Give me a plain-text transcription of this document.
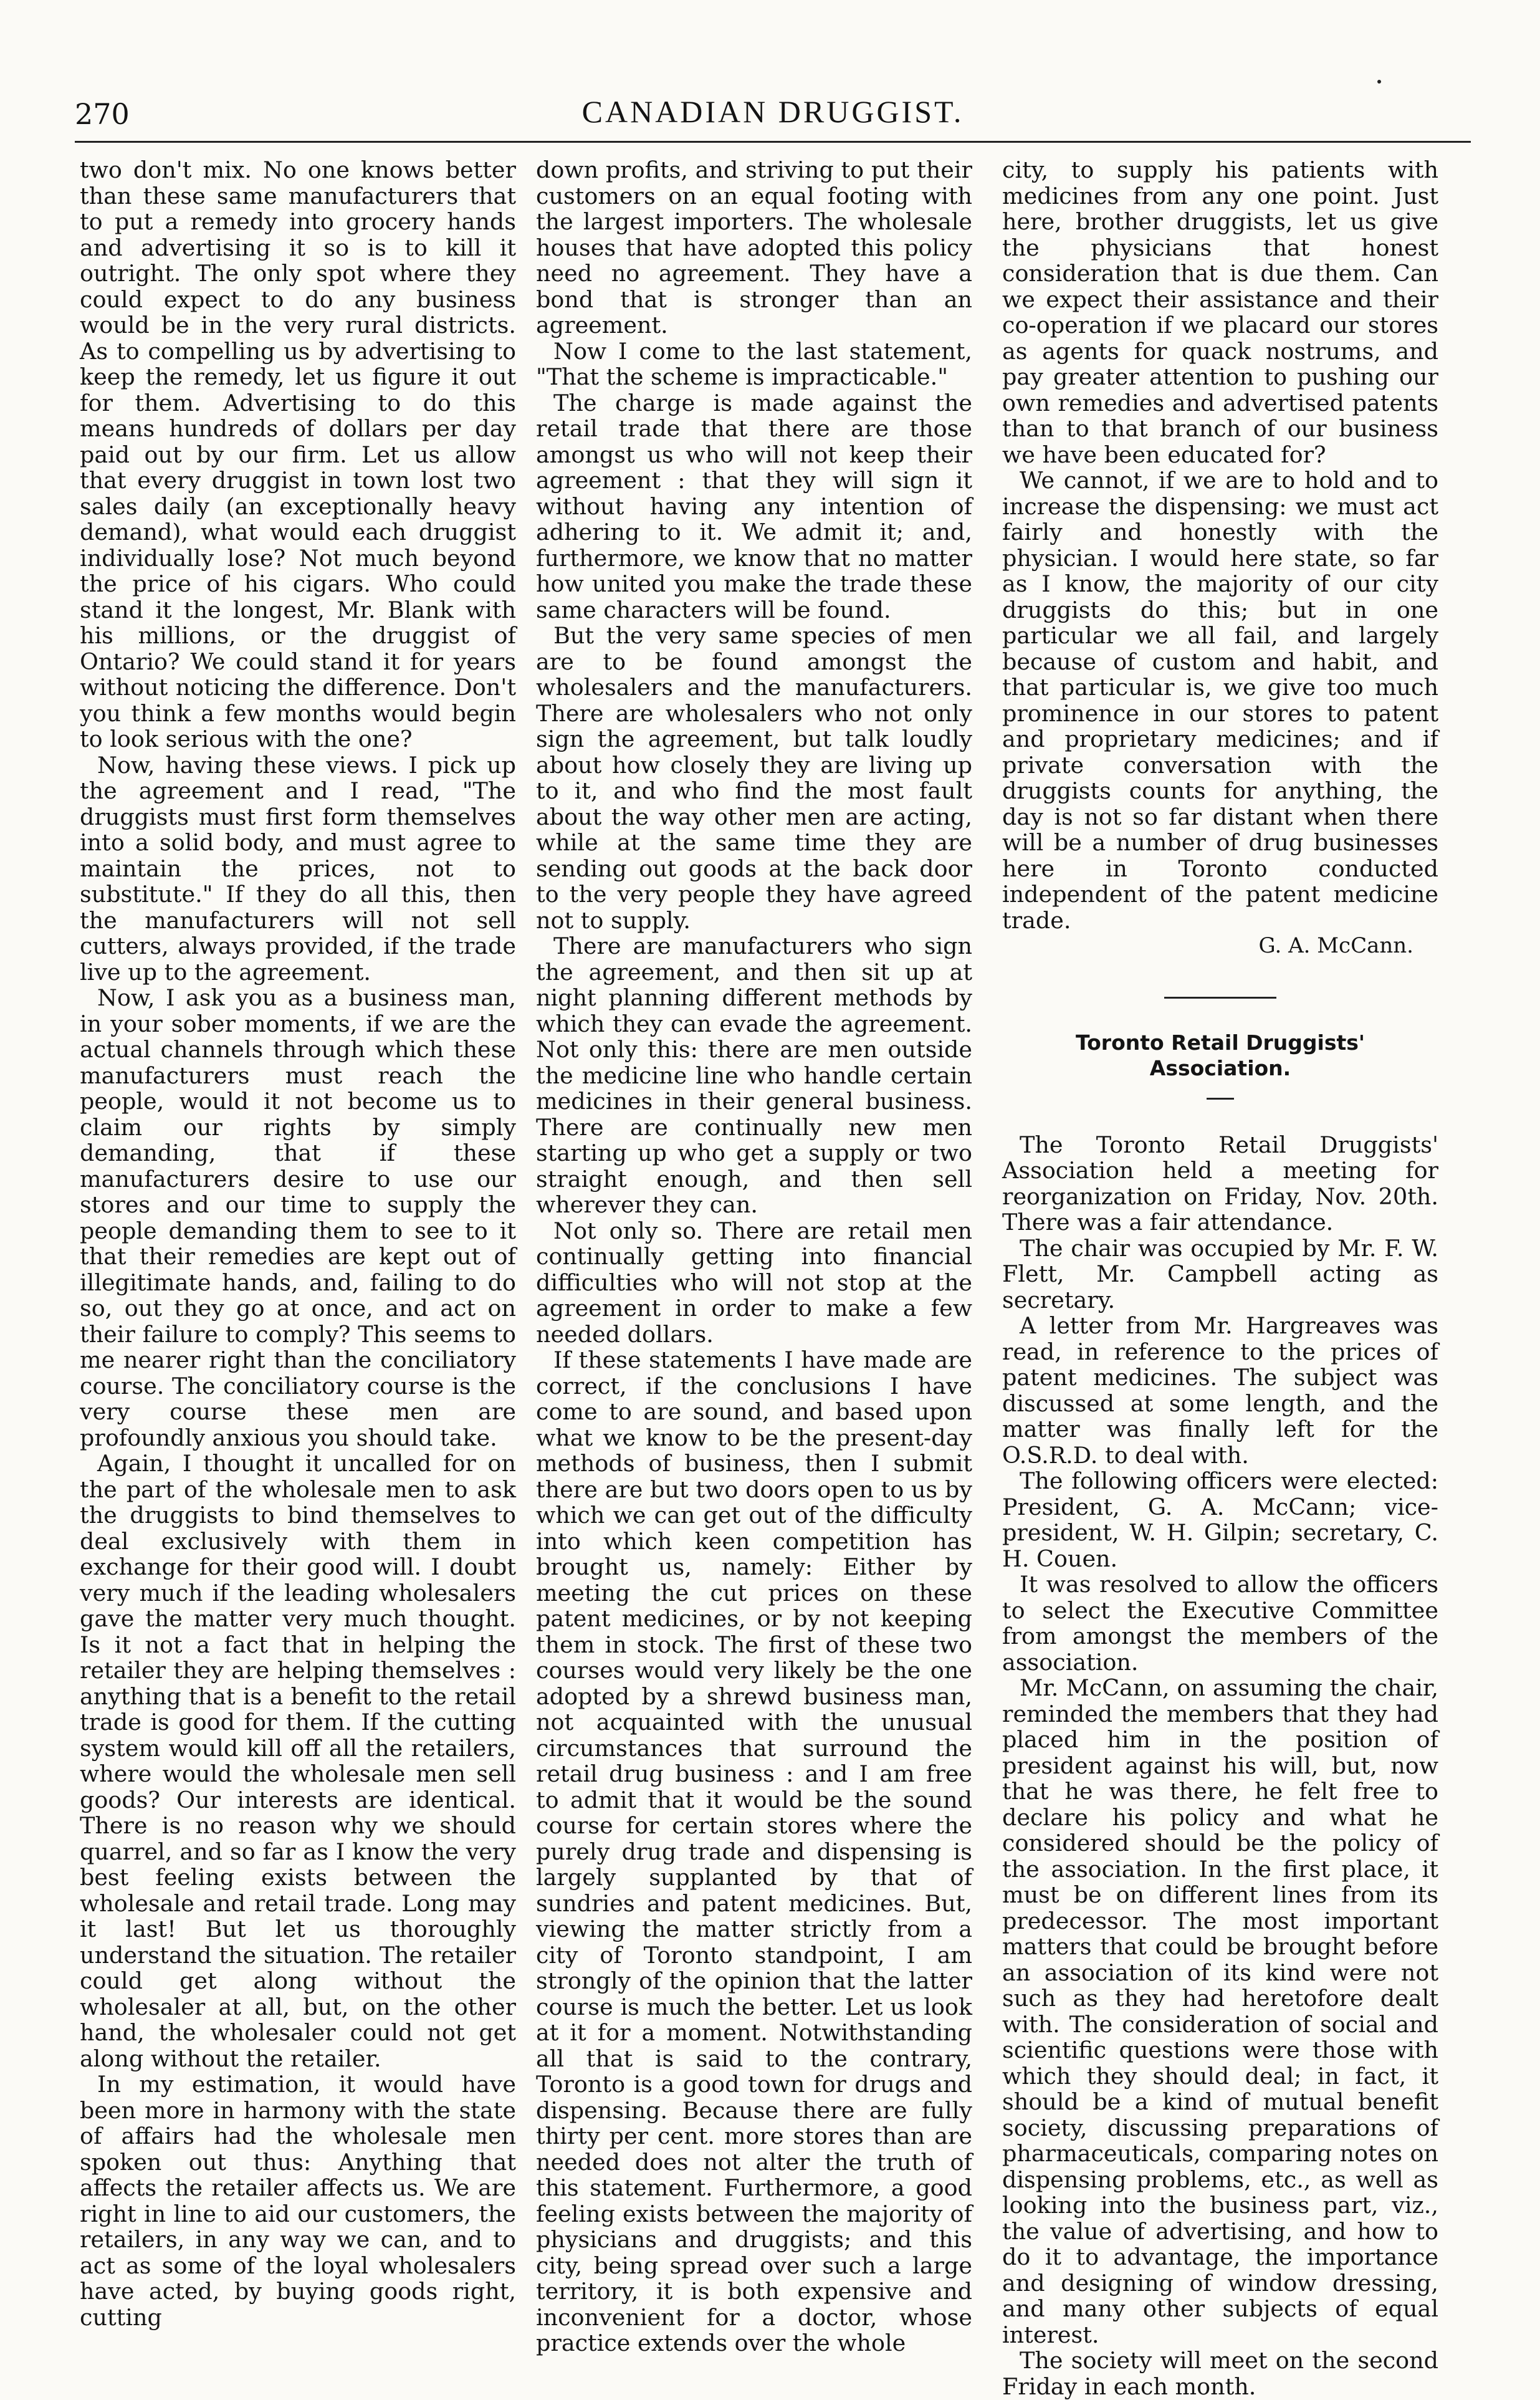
270	CANADIAN DRUGGIST.

two don't mix. No one knows better than these same manufacturers that to put a remedy into grocery hands and advertising it so is to kill it outright. The only spot where they could expect to do any business would be in the very rural districts. As to compelling us by advertising to keep the remedy, let us figure it out for them. Advertising to do this means hundreds of dollars per day paid out by our firm. Let us allow that every druggist in town lost two sales daily (an exceptionally heavy demand), what would each druggist individually lose? Not much beyond the price of his cigars. Who could stand it the longest, Mr. Blank with his millions, or the druggist of Ontario? We could stand it for years without noticing the difference. Don't you think a few months would begin to look serious with the one?

Now, having these views. I pick up the agreement and I read, "The druggists must first form themselves into a solid body, and must agree to maintain the prices, not to substitute." If they do all this, then the manufacturers will not sell cutters, always provided, if the trade live up to the agreement.

Now, I ask you as a business man, in your sober moments, if we are the actual channels through which these manufacturers must reach the people, would it not become us to claim our rights by simply demanding, that if these manufacturers desire to use our stores and our time to supply the people demanding them to see to it that their remedies are kept out of illegitimate hands, and, failing to do so, out they go at once, and act on their failure to comply? This seems to me nearer right than the conciliatory course. The conciliatory course is the very course these men are profoundly anxious you should take.

Again, I thought it uncalled for on the part of the wholesale men to ask the druggists to bind themselves to deal exclusively with them in exchange for their good will. I doubt very much if the leading wholesalers gave the matter very much thought. Is it not a fact that in helping the retailer they are helping themselves : anything that is a benefit to the retail trade is good for them. If the cutting system would kill off all the retailers, where would the wholesale men sell goods? Our interests are identical. There is no reason why we should quarrel, and so far as I know the very best feeling exists between the wholesale and retail trade. Long may it last! But let us thoroughly understand the situation. The retailer could get along without the wholesaler at all, but, on the other hand, the wholesaler could not get along without the retailer.

In my estimation, it would have been more in harmony with the state of affairs had the wholesale men spoken out thus: Anything that affects the retailer affects us. We are right in line to aid our customers, the retailers, in any way we can, and to act as some of the loyal wholesalers have acted, by buying goods right, cutting

down profits, and striving to put their customers on an equal footing with the largest importers. The wholesale houses that have adopted this policy need no agreement. They have a bond that is stronger than an agreement.

Now I come to the last statement, "That the scheme is impracticable."

The charge is made against the retail trade that there are those amongst us who will not keep their agreement : that they will sign it without having any intention of adhering to it. We admit it; and, furthermore, we know that no matter how united you make the trade these same characters will be found.

But the very same species of men are to be found amongst the wholesalers and the manufacturers. There are wholesalers who not only sign the agreement, but talk loudly about how closely they are living up to it, and who find the most fault about the way other men are acting, while at the same time they are sending out goods at the back door to the very people they have agreed not to supply.

There are manufacturers who sign the agreement, and then sit up at night planning different methods by which they can evade the agreement. Not only this: there are men outside the medicine line who handle certain medicines in their general business. There are continually new men starting up who get a supply or two straight enough, and then sell wherever they can.

Not only so. There are retail men continually getting into financial difficulties who will not stop at the agreement in order to make a few needed dollars.

If these statements I have made are correct, if the conclusions I have come to are sound, and based upon what we know to be the present-day methods of business, then I submit there are but two doors open to us by which we can get out of the difficulty into which keen competition has brought us, namely: Either by meeting the cut prices on these patent medicines, or by not keeping them in stock. The first of these two courses would very likely be the one adopted by a shrewd business man, not acquainted with the unusual circumstances that surround the retail drug business : and I am free to admit that it would be the sound course for certain stores where the purely drug trade and dispensing is largely supplanted by that of sundries and patent medicines. But, viewing the matter strictly from a city of Toronto standpoint, I am strongly of the opinion that the latter course is much the better. Let us look at it for a moment. Notwithstanding all that is said to the contrary, Toronto is a good town for drugs and dispensing. Because there are fully thirty per cent. more stores than are needed does not alter the truth of this statement. Furthermore, a good feeling exists between the majority of physicians and druggists; and this city, being spread over such a large territory, it is both expensive and inconvenient for a doctor, whose practice extends over the whole

city, to supply his patients with medicines from any one point. Just here, brother druggists, let us give the physicians that honest consideration that is due them. Can we expect their assistance and their co-operation if we placard our stores as agents for quack nostrums, and pay greater attention to pushing our own remedies and advertised patents than to that branch of our business we have been educated for?

We cannot, if we are to hold and to increase the dispensing: we must act fairly and honestly with the physician. I would here state, so far as I know, the majority of our city druggists do this; but in one particular we all fail, and largely because of custom and habit, and that particular is, we give too much prominence in our stores to patent and proprietary medicines; and if private conversation with the druggists counts for anything, the day is not so far distant when there will be a number of drug businesses here in Toronto conducted independent of the patent medicine trade.

G. A. McCann.

Toronto Retail Druggists' Association.

The Toronto Retail Druggists' Association held a meeting for reorganization on Friday, Nov. 20th. There was a fair attendance.

The chair was occupied by Mr. F. W. Flett, Mr. Campbell acting as secretary.

A letter from Mr. Hargreaves was read, in reference to the prices of patent medicines. The subject was discussed at some length, and the matter was finally left for the O.S.R.D. to deal with.

The following officers were elected: President, G. A. McCann; vice-president, W. H. Gilpin; secretary, C. H. Couen.

It was resolved to allow the officers to select the Executive Committee from amongst the members of the association.

Mr. McCann, on assuming the chair, reminded the members that they had placed him in the position of president against his will, but, now that he was there, he felt free to declare his policy and what he considered should be the policy of the association. In the first place, it must be on different lines from its predecessor. The most important matters that could be brought before an association of its kind were not such as they had heretofore dealt with. The consideration of social and scientific questions were those with which they should deal; in fact, it should be a kind of mutual benefit society, discussing preparations of pharmaceuticals, comparing notes on dispensing problems, etc., as well as looking into the business part, viz., the value of advertising, and how to do it to advantage, the importance and designing of window dressing, and many other subjects of equal interest.

The society will meet on the second Friday in each month.
